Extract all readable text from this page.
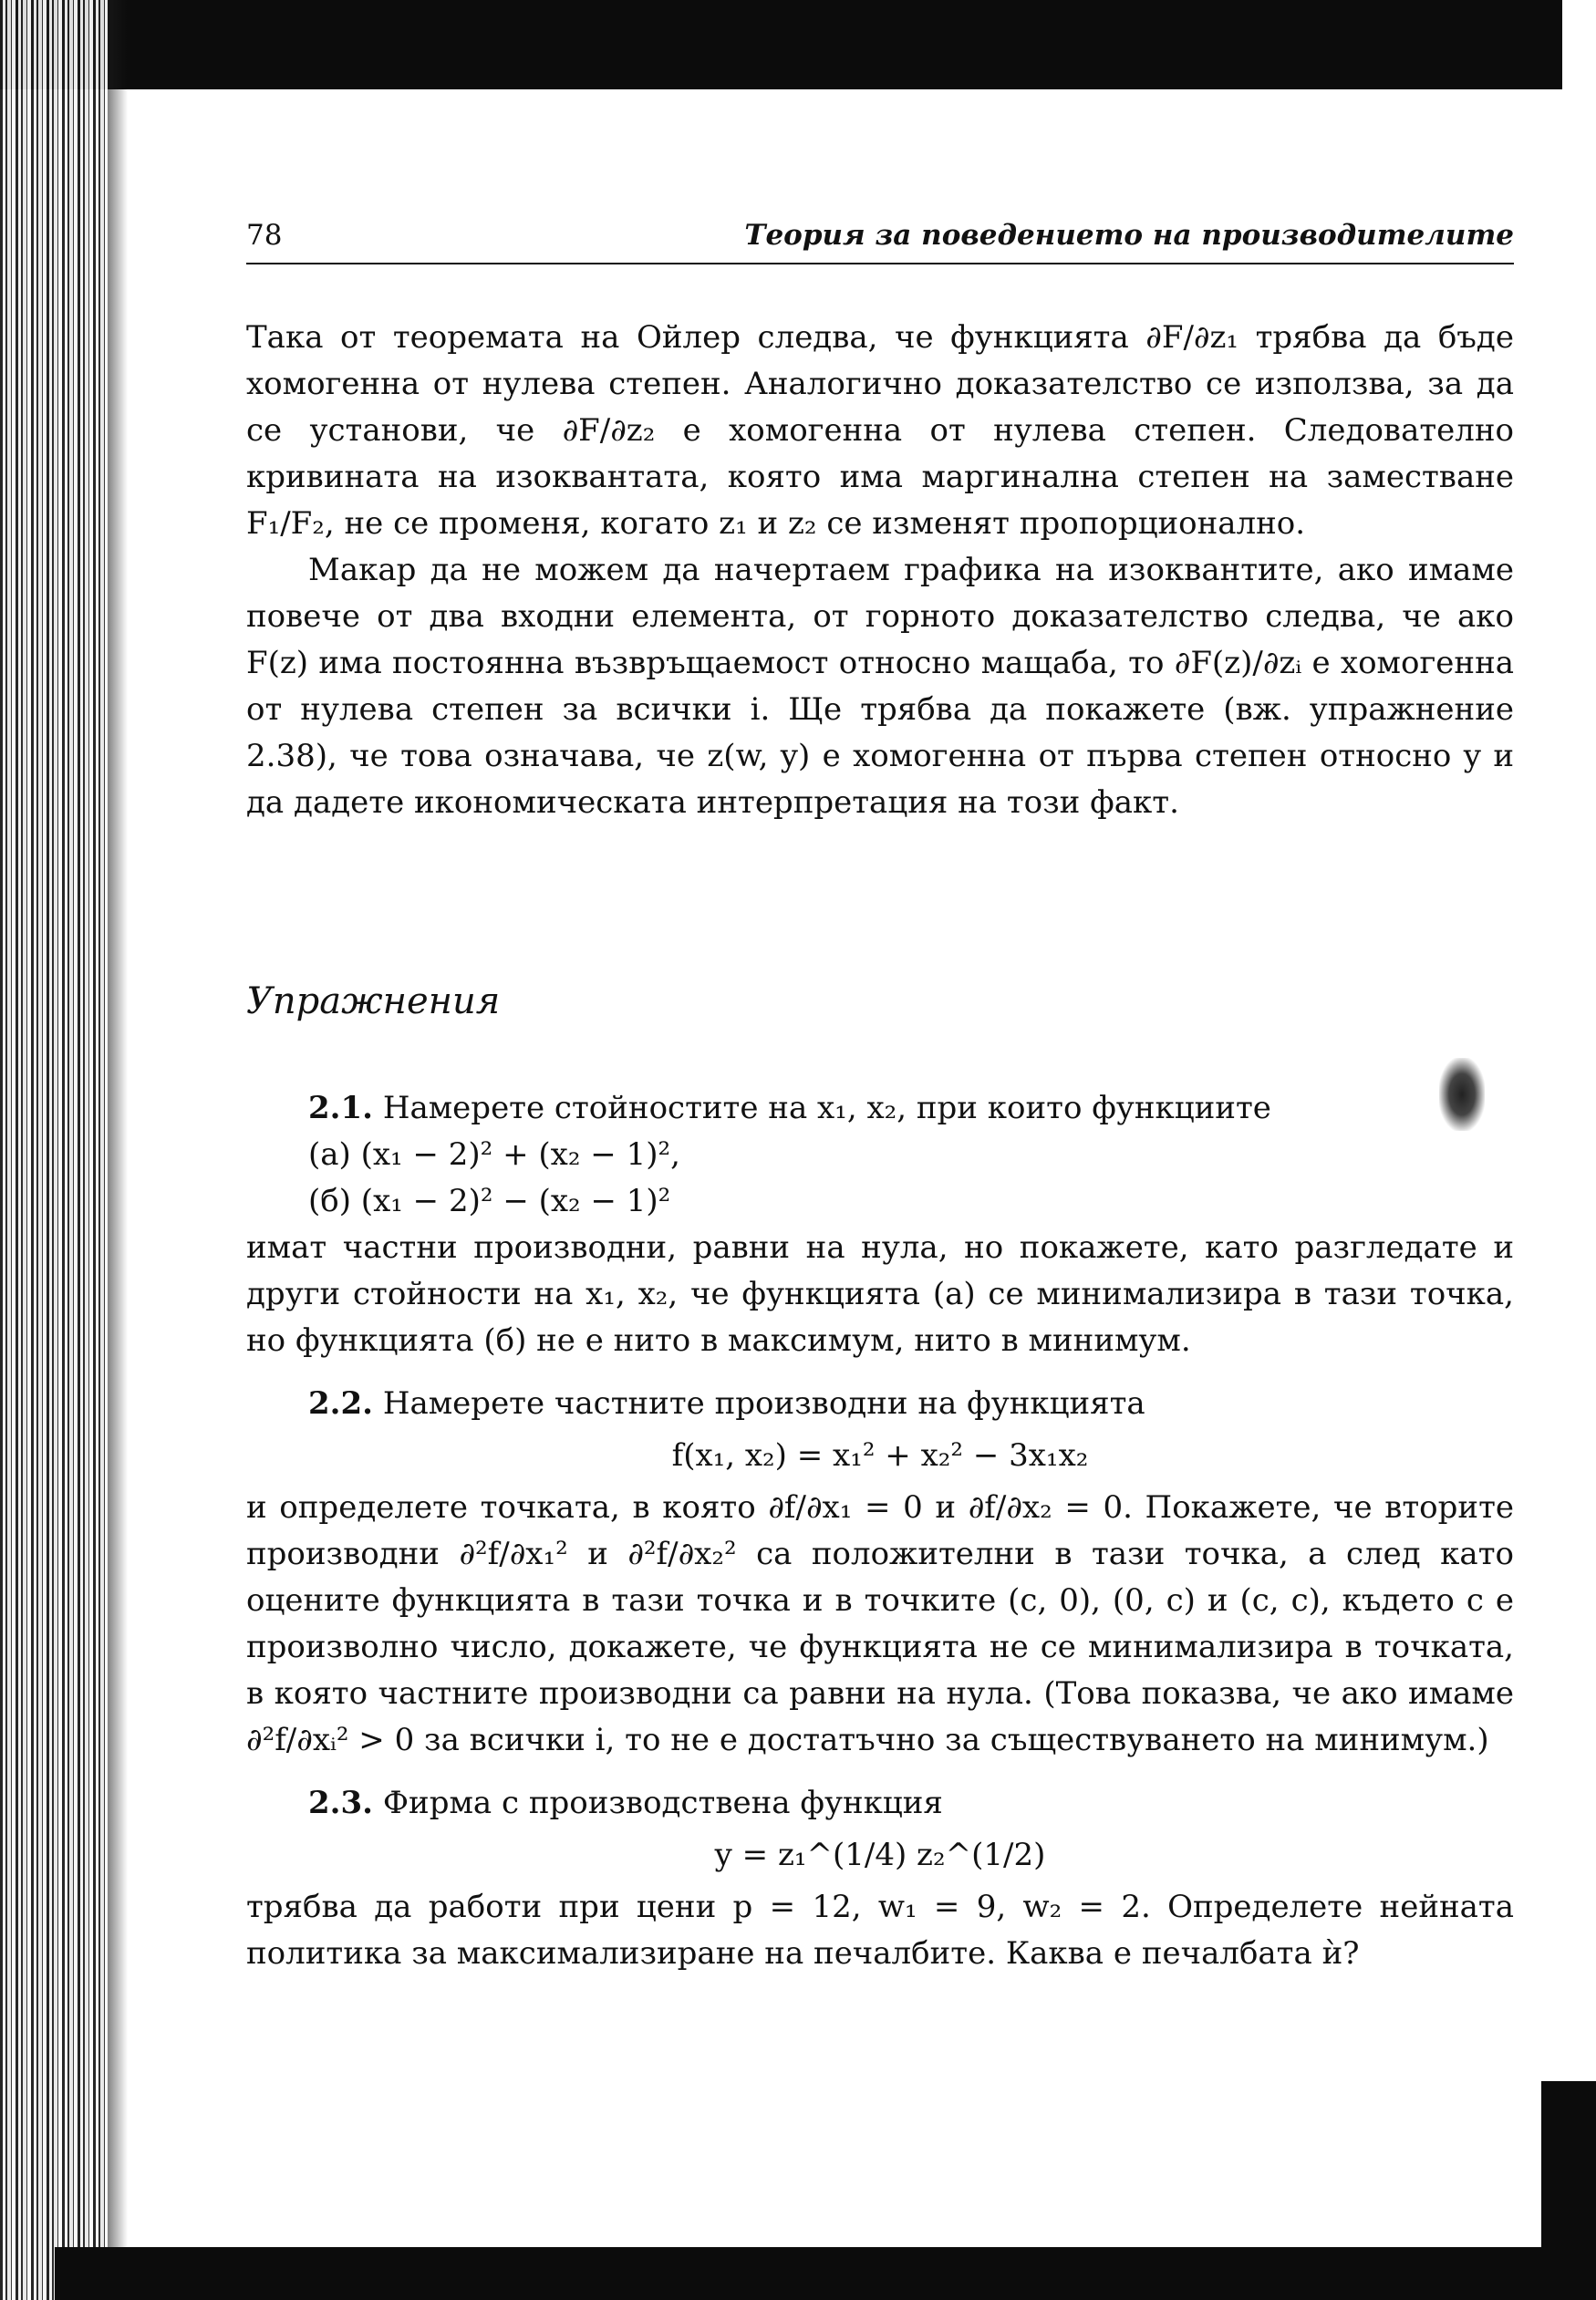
78	Теория за поведението на производителите

Така от теоремата на Ойлер следва, че функцията ∂F/∂z₁ трябва да бъде хомогенна от нулева степен. Аналогично доказателство се използва, за да се установи, че ∂F/∂z₂ е хомогенна от нулева степен. Следователно кривината на изоквантата, която има маргинална степен на заместване F₁/F₂, не се променя, когато z₁ и z₂ се изменят пропорционално.

Макар да не можем да начертаем графика на изоквантите, ако имаме повече от два входни елемента, от горното доказателство следва, че ако F(z) има постоянна възвръщаемост относно мащаба, то ∂F(z)/∂zᵢ е хомогенна от нулева степен за всички i. Ще трябва да покажете (вж. упражнение 2.38), че това означава, че z(w, y) е хомогенна от първа степен относно y и да дадете икономическата интерпретация на този факт.

Упражнения

2.1. Намерете стойностите на x₁, x₂, при които функциите

(а) (x₁ − 2)² + (x₂ − 1)²,

(б) (x₁ − 2)² − (x₂ − 1)²

имат частни производни, равни на нула, но покажете, като разгледате и други стойности на x₁, x₂, че функцията (а) се минимализира в тази точка, но функцията (б) не е нито в максимум, нито в минимум.

2.2. Намерете частните производни на функцията

f(x₁, x₂) = x₁² + x₂² − 3x₁x₂

и определете точката, в която ∂f/∂x₁ = 0 и ∂f/∂x₂ = 0. Покажете, че вторите производни ∂²f/∂x₁² и ∂²f/∂x₂² са положителни в тази точка, а след като оцените функцията в тази точка и в точките (c, 0), (0, c) и (c, c), където c е произволно число, докажете, че функцията не се минимализира в точката, в която частните производни са равни на нула. (Това показва, че ако имаме ∂²f/∂xᵢ² > 0 за всички i, то не е достатъчно за съществуването на минимум.)

2.3. Фирма с производствена функция

y = z₁^(1/4) z₂^(1/2)

трябва да работи при цени p = 12, w₁ = 9, w₂ = 2. Определете нейната политика за максимализиране на печалбите. Каква е печалбата ѝ?
